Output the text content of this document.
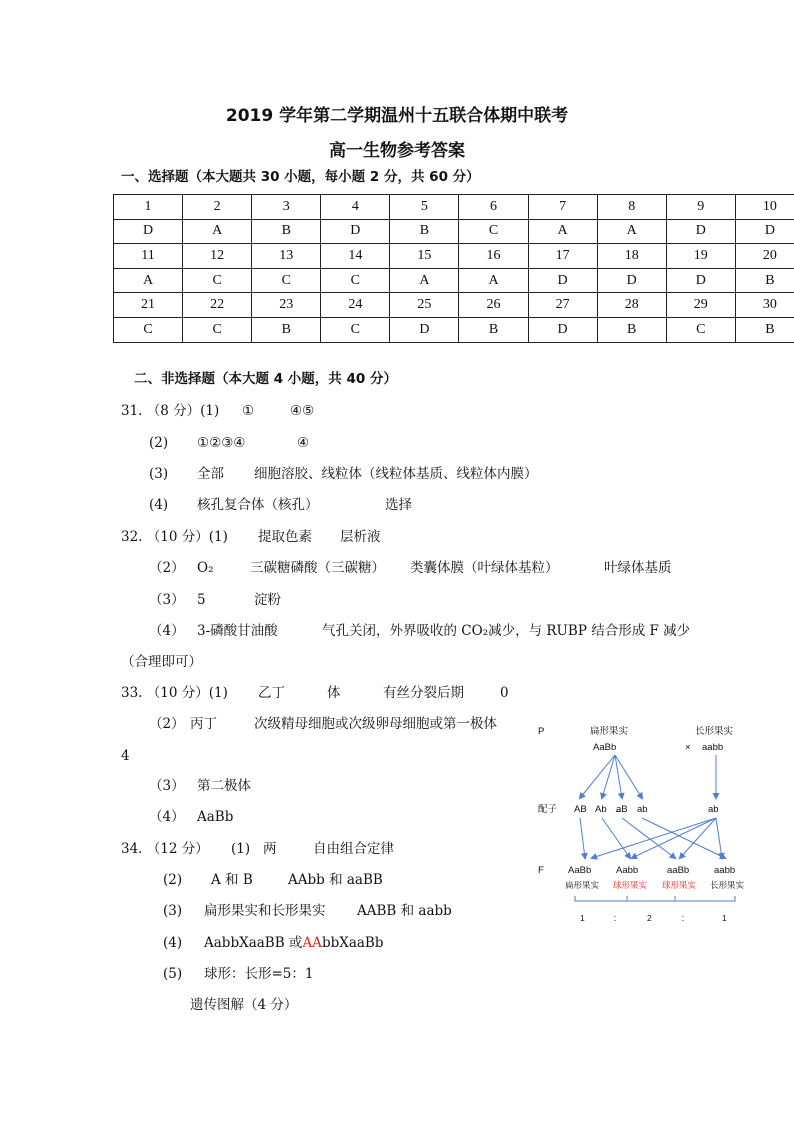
2019 学年第二学期温州十五联合体期中联考
高一生物参考答案
一、选择题（本大题共 30 小题，每小题 2 分，共 60 分）
1	2	3	4	5	6	7	8	9	10
D	A	B	D	B	C	A	A	D	D
11	12	13	14	15	16	17	18	19	20
A	C	C	C	A	A	D	D	D	B
21	22	23	24	25	26	27	28	29	30
C	C	B	C	D	B	D	B	C	B
二、非选择题（本大题 4 小题，共 40 分）
31. （8 分）(1) ①	④⑤
(2) ①②③④	④
(3) 全部 细胞溶胶、线粒体（线粒体基质、线粒体内膜）
(4) 核孔复合体（核孔）	选择
32. （10 分）(1) 提取色素 层析液
（2） O₂	三碳糖磷酸（三碳糖） 类囊体膜（叶绿体基粒）	叶绿体基质
（3） 5	淀粉
（4） 3-磷酸甘油酸	气孔关闭，外界吸收的 CO₂减少，与 RUBP 结合形成 F 减少
（合理即可）
33. （10 分）(1) 乙丁	体	有丝分裂后期	0
（2） 丙丁	次级精母细胞或次级卵母细胞或第一极体
4
（3） 第二极体
（4） AaBb
34. （12 分） (1) 两	自由组合定律
(2) A 和 B	AAbb 和 aaBB
(3) 扁形果实和长形果实 AABB 和 aabb
(4) AabbXaaBB 或AAbbXaaBb
(5) 球形：长形=5：1
遗传图解（4 分）
P	扁形果实
AaBb	×
长形果实
aabb
配子 AB Ab aB ab	ab
F	AaBb
扁形果实
Aabb
球形果实
aaBb
球形果实
aabb
长形果实
1	：	2	：	1
